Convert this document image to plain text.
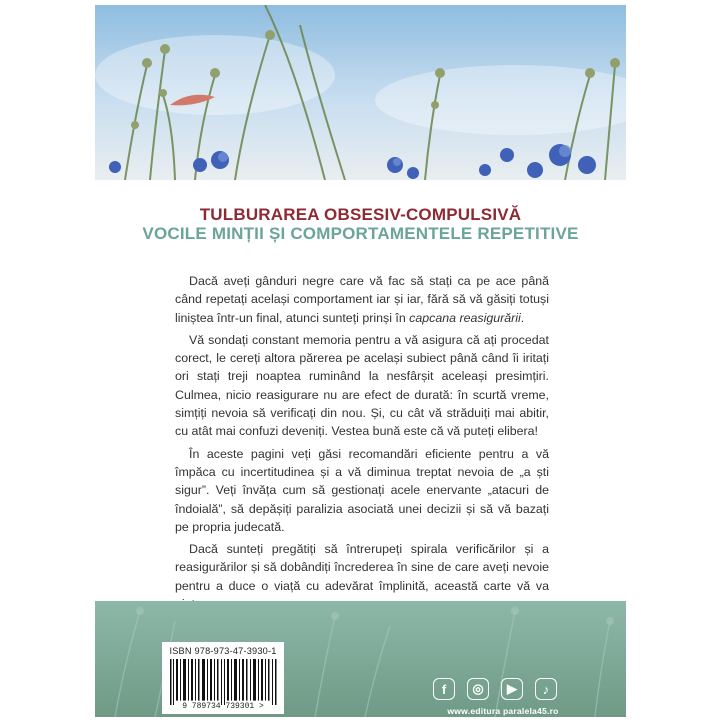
TULBURAREA OBSESIV-COMPULSIVĂ
VOCILE MINȚII ȘI COMPORTAMENTELE REPETITIVE

Dacă aveți gânduri negre care vă fac să stați ca pe ace până când repetați același comportament iar și iar, fără să vă găsiți totuși liniștea într-un final, atunci sunteți prinși în capcana reasigurării.

Vă sondați constant memoria pentru a vă asigura că ați procedat corect, le cereți altora părerea pe același subiect până când îi iritați ori stați treji noaptea ruminând la nesfârșit aceleași presimțiri. Culmea, nicio reasigurare nu are efect de durată: în scurtă vreme, simțiți nevoia să verificați din nou. Și, cu cât vă străduiți mai abitir, cu atât mai confuzi deveniți. Vestea bună este că vă puteți elibera!

În aceste pagini veți găsi recomandări eficiente pentru a vă împăca cu incertitudinea și a vă diminua treptat nevoia de „a ști sigur”. Veți învăța cum să gestionați acele enervante „atacuri de îndoială”, să depășiți paralizia asociată unei decizii și să vă bazați pe propria judecată.

Dacă sunteți pregătiți să întrerupeți spirala verificărilor și a reasigurărilor și să dobândiți încrederea în sine de care aveți nevoie pentru a duce o viață cu adevărat împlinită, această carte vă va

ISBN 978-973-47-3930-1
9 789734 739301 >
f	◎	▶	♪
www.editura paralela45.ro
